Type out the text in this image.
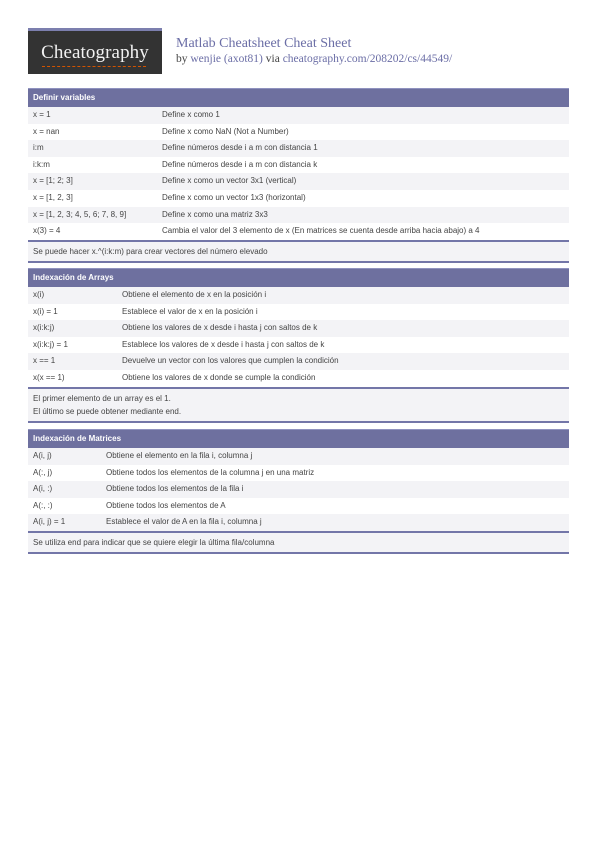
Cheatography	Matlab Cheatsheet Cheat Sheet
by wenjie (axot81) via cheatography.com/208202/cs/44549/
Definir variables
x = 1	Define x como 1
x = nan	Define x como NaN (Not a Number)
i:m	Define números desde i a m con distancia 1
i:k:m	Define números desde i a m con distancia k
x = [1; 2; 3]	Define x como un vector 3x1 (vertical)
x = [1, 2, 3]	Define x como un vector 1x3 (horizontal)
x = [1, 2, 3; 4, 5, 6; 7, 8, 9]	Define x como una matriz 3x3
x(3) = 4	Cambia el valor del 3 elemento de x (En matrices se cuenta desde arriba hacia abajo) a 4
Se puede hacer x.^(i:k:m) para crear vectores del número elevado
Indexación de Arrays
x(i)	Obtiene el elemento de x en la posición i
x(i) = 1	Establece el valor de x en la posición i
x(i:k:j)	Obtiene los valores de x desde i hasta j con saltos de k
x(i:k:j) = 1	Establece los valores de x desde i hasta j con saltos de k
x == 1	Devuelve un vector con los valores que cumplen la condición
x(x == 1)	Obtiene los valores de x donde se cumple la condición
El primer elemento de un array es el 1.
El último se puede obtener mediante end.
Indexación de Matrices
A(i, j)	Obtiene el elemento en la fila i, columna j
A(:, j)	Obtiene todos los elementos de la columna j en una matriz
A(i, :)	Obtiene todos los elementos de la fila i
A(:, :)	Obtiene todos los elementos de A
A(i, j) = 1	Establece el valor de A en la fila i, columna j
Se utiliza end para indicar que se quiere elegir la última fila/columna
